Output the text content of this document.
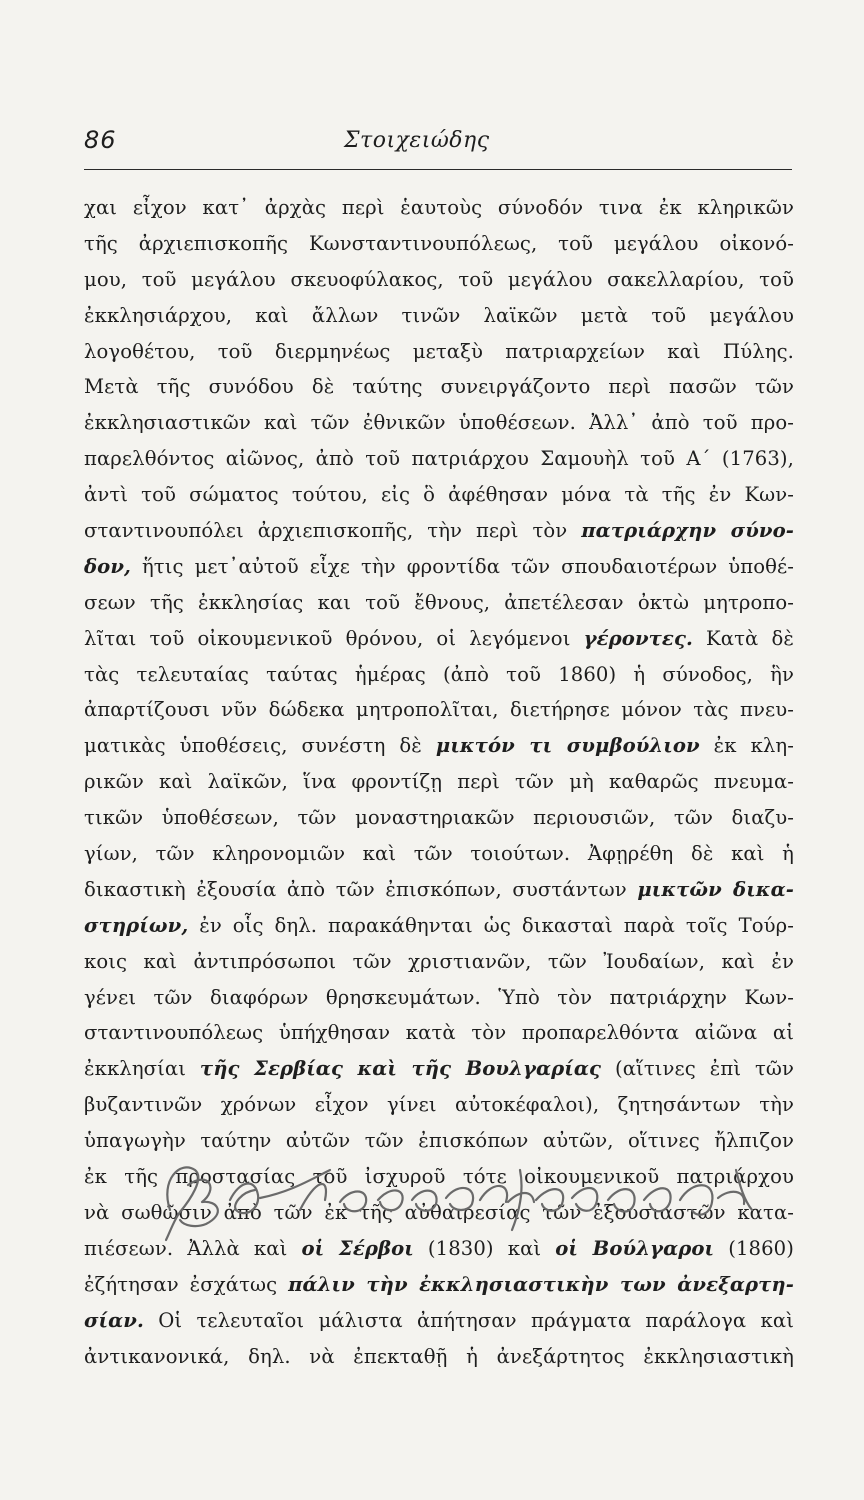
86	Στοιχειώδης
χαι εἶχον κατ᾽ ἀρχὰς περὶ ἑαυτοὺς σύνοδόν τινα ἐκ κληρικῶν
τῆς ἀρχιεπισκοπῆς Κωνσταντινουπόλεως, τοῦ μεγάλου οἰκονό-
μου, τοῦ μεγάλου σκευοφύλακος, τοῦ μεγάλου σακελλαρίου, τοῦ
ἐκκλησιάρχου, καὶ ἄλλων τινῶν λαϊκῶν μετὰ τοῦ μεγάλου
λογοθέτου, τοῦ διερμηνέως μεταξὺ πατριαρχείων καὶ Πύλης.
Μετὰ τῆς συνόδου δὲ ταύτης συνειργάζοντο περὶ πασῶν τῶν
ἐκκλησιαστικῶν καὶ τῶν ἐθνικῶν ὑποθέσεων. Ἀλλ᾽ ἀπὸ τοῦ προ-
παρελθόντος αἰῶνος, ἀπὸ τοῦ πατριάρχου Σαμουὴλ τοῦ Α΄ (1763),
ἀντὶ τοῦ σώματος τούτου, εἰς ὃ ἀφέθησαν μόνα τὰ τῆς ἐν Κων-
σταντινουπόλει ἀρχιεπισκοπῆς, τὴν περὶ τὸν πατριάρχην σύνο-
δον, ἥτις μετ᾽αὐτοῦ εἶχε τὴν φροντίδα τῶν σπουδαιοτέρων ὑποθέ-
σεων τῆς ἐκκλησίας και τοῦ ἔθνους, ἀπετέλεσαν ὀκτὼ μητροπο-
λῖται τοῦ οἰκουμενικοῦ θρόνου, οἱ λεγόμενοι γέροντες. Κατὰ δὲ
τὰς τελευταίας ταύτας ἡμέρας (ἀπὸ τοῦ 1860) ἡ σύνοδος, ἣν
ἀπαρτίζουσι νῦν δώδεκα μητροπολῖται, διετήρησε μόνον τὰς πνευ-
ματικὰς ὑποθέσεις, συνέστη δὲ μικτόν τι συμβούλιον ἐκ κλη-
ρικῶν καὶ λαϊκῶν, ἵνα φροντίζῃ περὶ τῶν μὴ καθαρῶς πνευμα-
τικῶν ὑποθέσεων, τῶν μοναστηριακῶν περιουσιῶν, τῶν διαζυ-
γίων, τῶν κληρονομιῶν καὶ τῶν τοιούτων. Ἀφῃρέθη δὲ καὶ ἡ
δικαστικὴ ἐξουσία ἀπὸ τῶν ἐπισκόπων, συστάντων μικτῶν δικα-
στηρίων, ἐν οἷς δηλ. παρακάθηνται ὡς δικασταὶ παρὰ τοῖς Τούρ-
κοις καὶ ἀντιπρόσωποι τῶν χριστιανῶν, τῶν Ἰουδαίων, καὶ ἐν
γένει τῶν διαφόρων θρησκευμάτων. Ὑπὸ τὸν πατριάρχην Κων-
σταντινουπόλεως ὑπήχθησαν κατὰ τὸν προπαρελθόντα αἰῶνα αἱ
ἐκκλησίαι τῆς Σερβίας καὶ τῆς Βουλγαρίας (αἵτινες ἐπὶ τῶν
βυζαντινῶν χρόνων εἶχον γίνει αὐτοκέφαλοι), ζητησάντων τὴν
ὑπαγωγὴν ταύτην αὐτῶν τῶν ἐπισκόπων αὐτῶν, οἵτινες ἤλπιζον
ἐκ τῆς προστασίας τοῦ ἰσχυροῦ τότε οἰκουμενικοῦ πατριάρχου
νὰ σωθῶσιν ἀπὸ τῶν ἐκ τῆς αὐθαιρεσίας τῶν ἐξουσιαστῶν κατα-
πιέσεων. Ἀλλὰ καὶ οἱ Σέρβοι (1830) καὶ οἱ Βούλγαροι (1860)
ἐζήτησαν ἐσχάτως πάλιν τὴν ἐκκλησιαστικὴν των ἀνεξαρτη-
σίαν. Οἱ τελευταῖοι μάλιστα ἀπήτησαν πράγματα παράλογα καὶ
ἀντικανονικά, δηλ. νὰ ἐπεκταθῇ ἡ ἀνεξάρτητος ἐκκλησιαστικὴ
